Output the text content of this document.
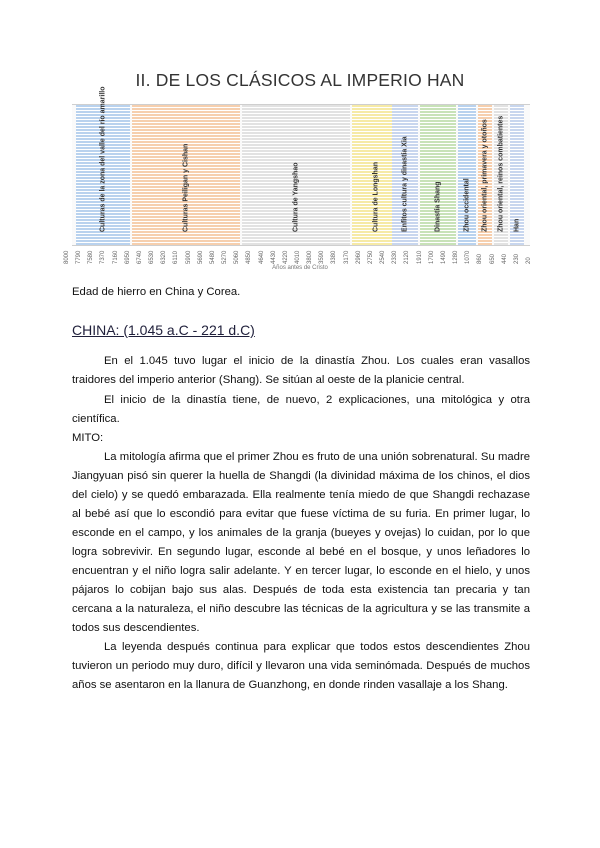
II. DE LOS CLÁSICOS AL IMPERIO HAN
Culturas de la zona del valle del río amarillo	Culturas Peiligan y Cishan	Cultura de Yangshao	Cultura de Longshan	Enfitos cultura y dinastía Xia	Dinastía Shang	Zhou occidental Zhou oriental, primavera y otoños Zhou oriental, reinos combatientes Han
8000 7790 7580 7370 7160 6950 6740 6530 6320 6110 5900 5690 5480 5270 5060 4850 4640 4430 4220 4010 3800 3590 3380 3170 2960 2750 2540 2330 2120 1910 1700 1490 1280 1070 860 650 440 230 20
Años antes de Cristo

Edad de hierro en China y Corea.

CHINA: (1.045 a.C - 221 d.C)

En el 1.045 tuvo lugar el inicio de la dinastía Zhou. Los cuales eran vasallos traidores del imperio anterior (Shang). Se sitúan al oeste de la planicie central.

El inicio de la dinastía tiene, de nuevo, 2 explicaciones, una mitológica y otra científica.

MITO:

La mitología afirma que el primer Zhou es fruto de una unión sobrenatural. Su madre Jiangyuan pisó sin querer la huella de Shangdi (la divinidad máxima de los chinos, el dios del cielo) y se quedó embarazada. Ella realmente tenía miedo de que Shangdi rechazase al bebé así que lo escondió para evitar que fuese víctima de su furia. En primer lugar, lo esconde en el campo, y los animales de la granja (bueyes y ovejas) lo cuidan, por lo que logra sobrevivir. En segundo lugar, esconde al bebé en el bosque, y unos leñadores lo encuentran y el niño logra salir adelante. Y en tercer lugar, lo esconde en el hielo, y unos pájaros lo cobijan bajo sus alas. Después de toda esta existencia tan precaria y tan cercana a la naturaleza, el niño descubre las técnicas de la agricultura y se las transmite a todos sus descendientes.

La leyenda después continua para explicar que todos estos descendientes Zhou tuvieron un periodo muy duro, difícil y llevaron una vida seminómada. Después de muchos años se asentaron en la llanura de Guanzhong, en donde rinden vasallaje a los Shang.
